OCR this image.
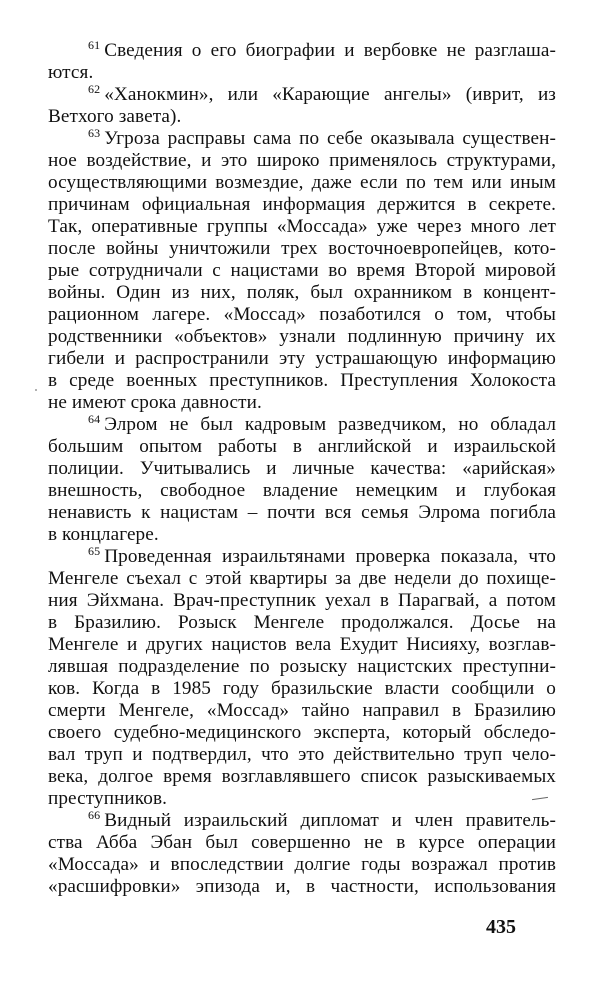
$^{61}$ Сведения о его биографии и вербовке не разглаша-
ются.
$^{62}$ «Ханокмин», или «Карающие ангелы» (иврит, из
Ветхого завета).
$^{63}$ Угроза расправы сама по себе оказывала существен-
ное воздействие, и это широко применялось структурами,
осуществляющими возмездие, даже если по тем или иным
причинам официальная информация держится в секрете.
Так, оперативные группы «Моссада» уже через много лет
после войны уничтожили трех восточноевропейцев, кото-
рые сотрудничали с нацистами во время Второй мировой
войны. Один из них, поляк, был охранником в концент-
рационном лагере. «Моссад» позаботился о том, чтобы
родственники «объектов» узнали подлинную причину их
гибели и распространили эту устрашающую информацию
в среде военных преступников. Преступления Холокоста
не имеют срока давности.
$^{64}$ Элром не был кадровым разведчиком, но обладал
большим опытом работы в английской и израильской
полиции. Учитывались и личные качества: «арийская»
внешность, свободное владение немецким и глубокая
ненависть к нацистам – почти вся семья Элрома погибла
в концлагере.
$^{65}$ Проведенная израильтянами проверка показала, что
Менгеле съехал с этой квартиры за две недели до похище-
ния Эйхмана. Врач-преступник уехал в Парагвай, а потом
в Бразилию. Розыск Менгеле продолжался. Досье на
Менгеле и других нацистов вела Ехудит Нисияху, возглав-
лявшая подразделение по розыску нацистских преступни-
ков. Когда в 1985 году бразильские власти сообщили о
смерти Менгеле, «Моссад» тайно направил в Бразилию
своего судебно-медицинского эксперта, который обследо-
вал труп и подтвердил, что это действительно труп чело-
века, долгое время возглавлявшего список разыскиваемых
преступников.
$^{66}$ Видный израильский дипломат и член правитель-
ства Абба Эбан был совершенно не в курсе операции
«Моссада» и впоследствии долгие годы возражал против
«расшифровки» эпизода и, в частности, использования
435
